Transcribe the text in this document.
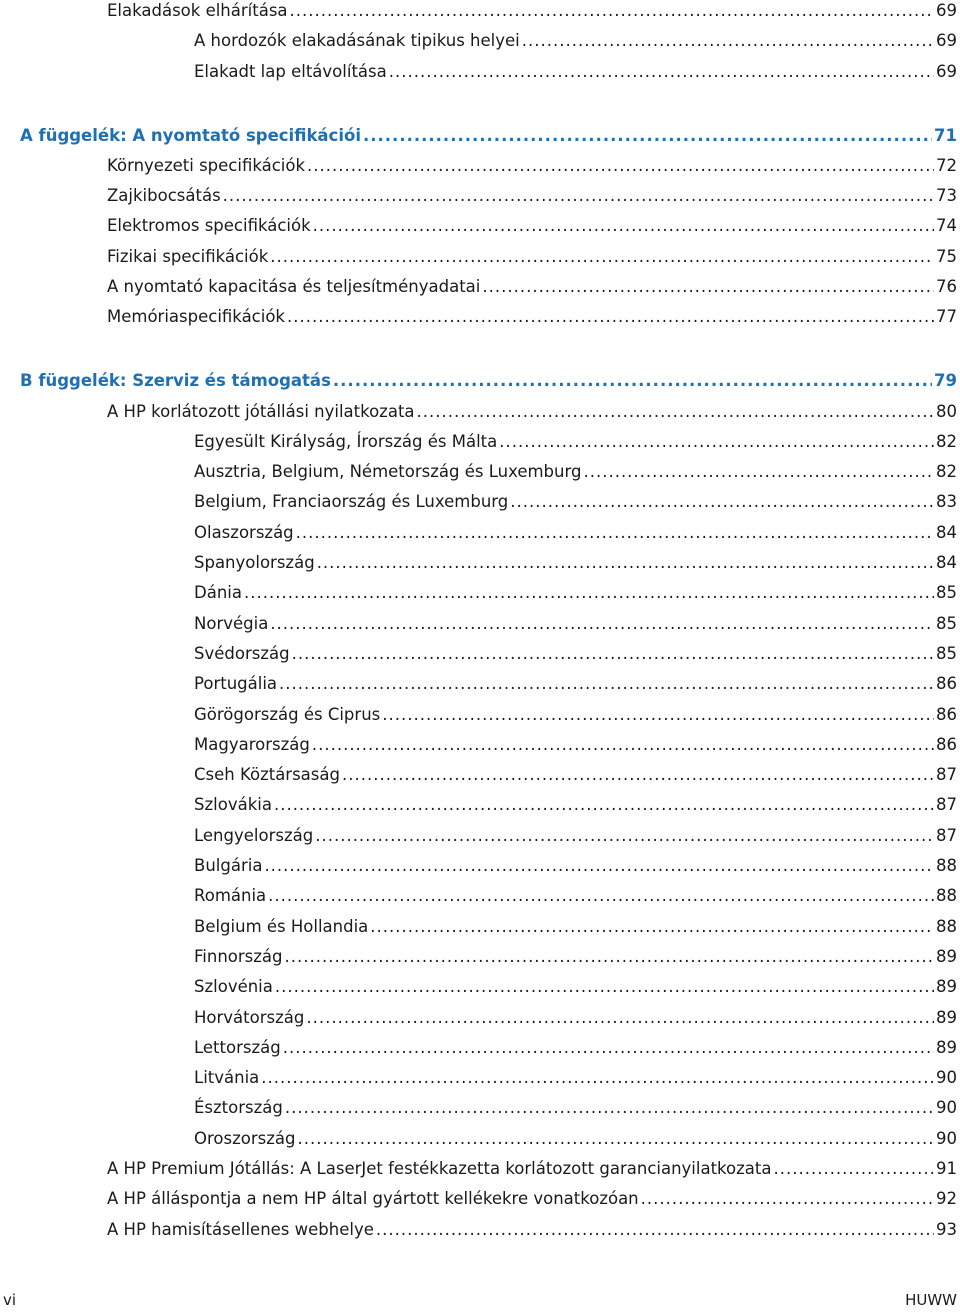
Elakadások elhárítása .....	69
A hordozók elakadásának tipikus helyei .....	69
Elakadt lap eltávolítása .....	69
A függelék: A nyomtató specifikációi .....	71
Környezeti specifikációk .....	72
Zajkibocsátás .....	73
Elektromos specifikációk .....	74
Fizikai specifikációk .....	75
A nyomtató kapacitása és teljesítményadatai .....	76
Memóriaspecifikációk .....	77
B függelék: Szerviz és támogatás .....	79
A HP korlátozott jótállási nyilatkozata .....	80
Egyesült Királyság, Írország és Málta .....	82
Ausztria, Belgium, Németország és Luxemburg .....	82
Belgium, Franciaország és Luxemburg .....	83
Olaszország .....	84
Spanyolország .....	84
Dánia .....	85
Norvégia .....	85
Svédország .....	85
Portugália .....	86
Görögország és Ciprus .....	86
Magyarország .....	86
Cseh Köztársaság .....	87
Szlovákia .....	87
Lengyelország .....	87
Bulgária .....	88
Románia .....	88
Belgium és Hollandia .....	88
Finnország .....	89
Szlovénia .....	89
Horvátország .....	89
Lettország .....	89
Litvánia .....	90
Észtország .....	90
Oroszország .....	90
A HP Premium Jótállás: A LaserJet festékkazetta korlátozott garancianyilatkozata .....	91
A HP álláspontja a nem HP által gyártott kellékekre vonatkozóan .....	92
A HP hamisításellenes webhelye .....	93
vi	HUWW
